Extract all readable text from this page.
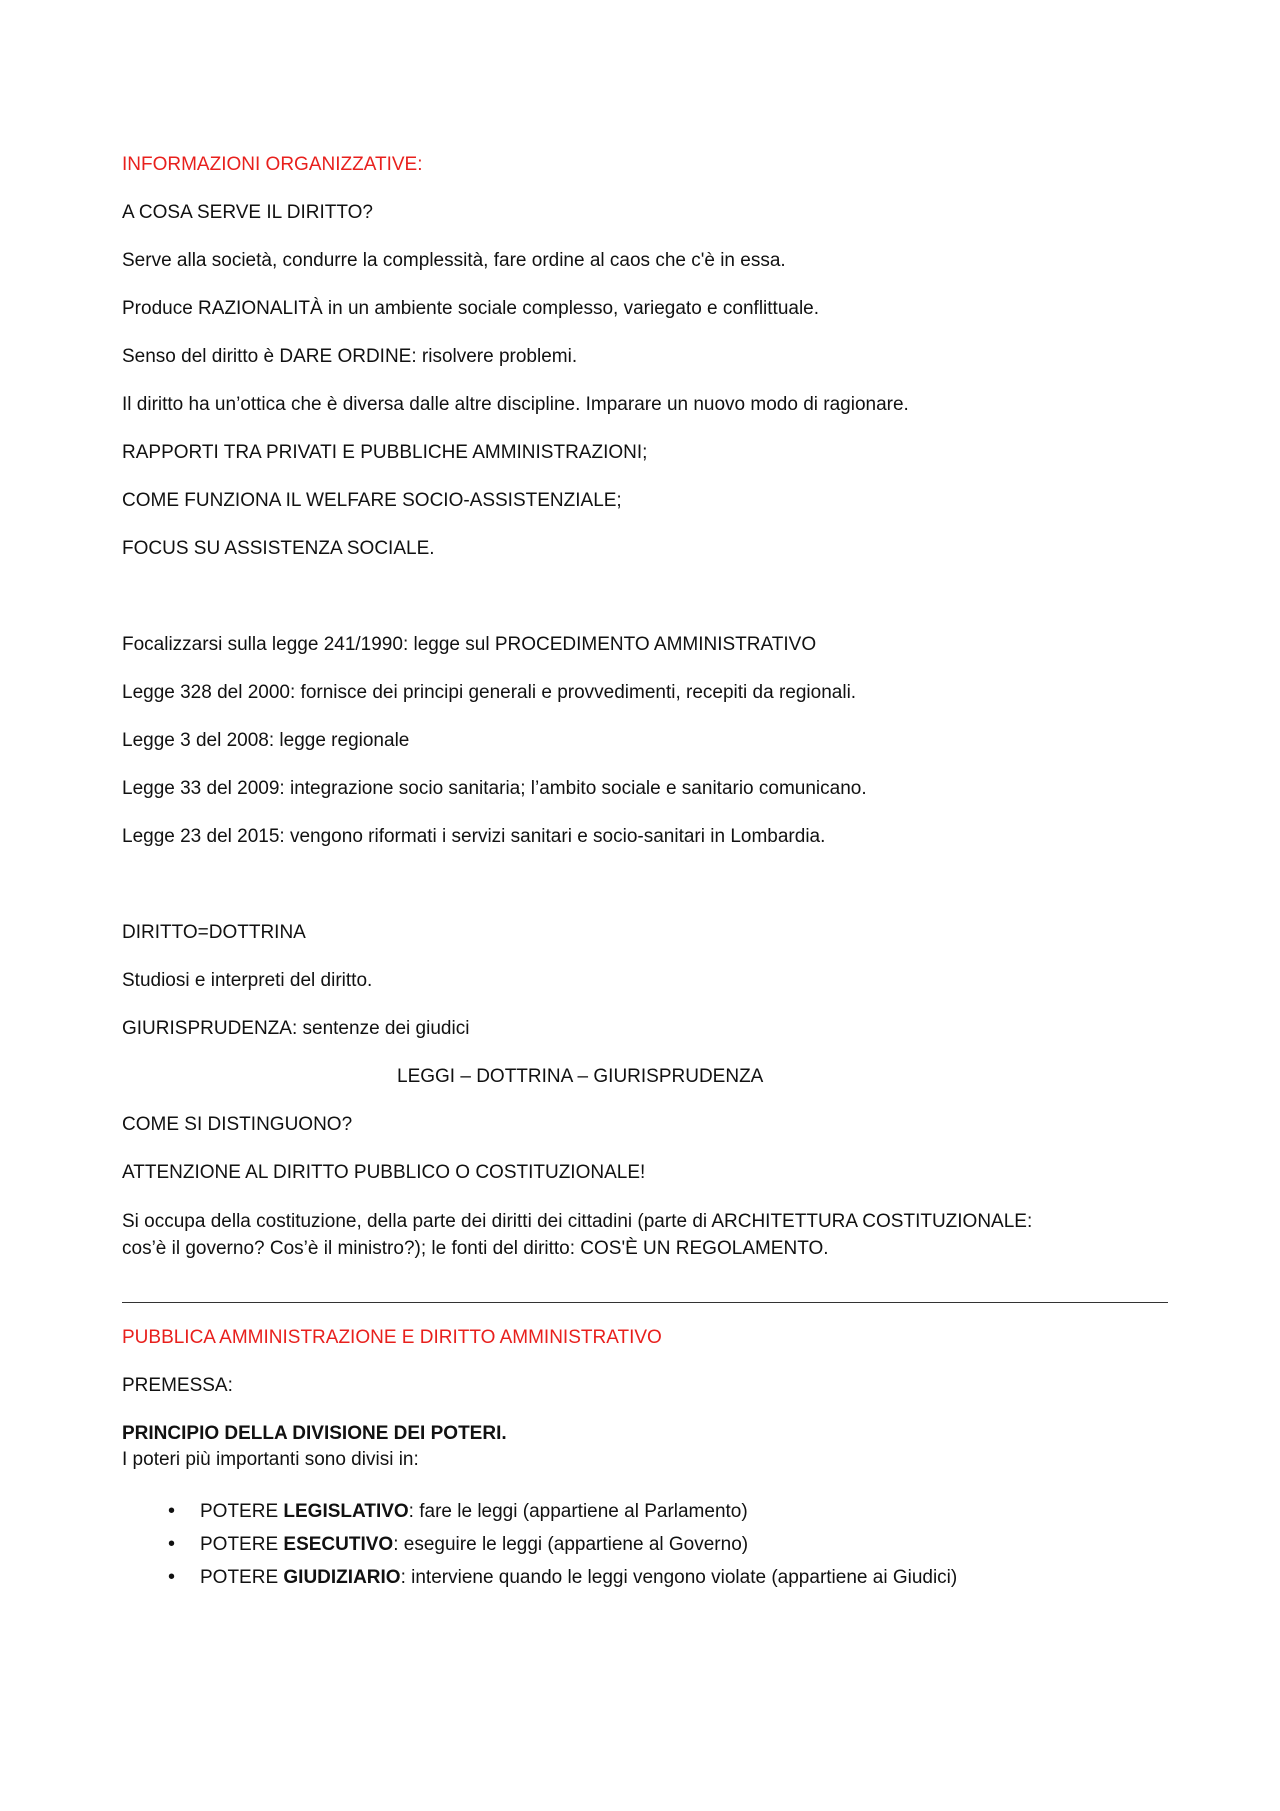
INFORMAZIONI ORGANIZZATIVE:

A COSA SERVE IL DIRITTO?

Serve alla società, condurre la complessità, fare ordine al caos che c'è in essa.

Produce RAZIONALITÀ in un ambiente sociale complesso, variegato e conflittuale.

Senso del diritto è DARE ORDINE: risolvere problemi.

Il diritto ha un’ottica che è diversa dalle altre discipline. Imparare un nuovo modo di ragionare.

RAPPORTI TRA PRIVATI E PUBBLICHE AMMINISTRAZIONI;

COME FUNZIONA IL WELFARE SOCIO-ASSISTENZIALE;

FOCUS SU ASSISTENZA SOCIALE.

Focalizzarsi sulla legge 241/1990: legge sul PROCEDIMENTO AMMINISTRATIVO

Legge 328 del 2000: fornisce dei principi generali e provvedimenti, recepiti da regionali.

Legge 3 del 2008: legge regionale

Legge 33 del 2009: integrazione socio sanitaria; l’ambito sociale e sanitario comunicano.

Legge 23 del 2015: vengono riformati i servizi sanitari e socio-sanitari in Lombardia.

DIRITTO=DOTTRINA

Studiosi e interpreti del diritto.

GIURISPRUDENZA: sentenze dei giudici

LEGGI – DOTTRINA – GIURISPRUDENZA

COME SI DISTINGUONO?

ATTENZIONE AL DIRITTO PUBBLICO O COSTITUZIONALE!

Si occupa della costituzione, della parte dei diritti dei cittadini (parte di ARCHITETTURA COSTITUZIONALE:

cos’è il governo? Cos’è il ministro?); le fonti del diritto: COS'È UN REGOLAMENTO.

PUBBLICA AMMINISTRAZIONE E DIRITTO AMMINISTRATIVO

PREMESSA:

PRINCIPIO DELLA DIVISIONE DEI POTERI.

I poteri più importanti sono divisi in:

• POTERE LEGISLATIVO: fare le leggi (appartiene al Parlamento)
• POTERE ESECUTIVO: eseguire le leggi (appartiene al Governo)
• POTERE GIUDIZIARIO: interviene quando le leggi vengono violate (appartiene ai Giudici)
